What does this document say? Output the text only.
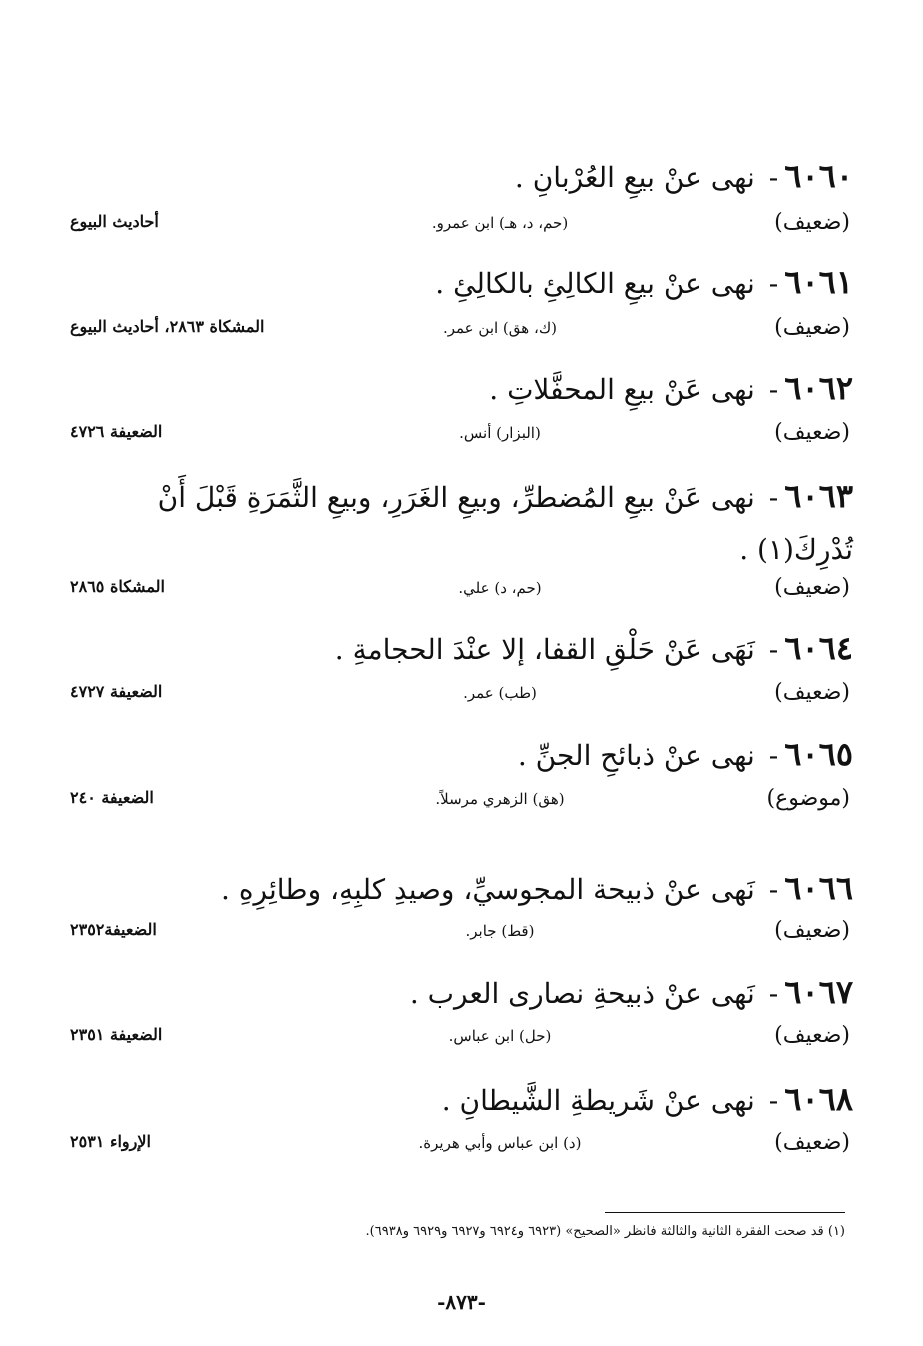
٦٠٦٠-نهى عنْ بيعِ العُرْبانِ .
(ضعيف)
(حم، د، هـ) ابن عمرو.
أحاديث البيوع
٦٠٦١-نهى عنْ بيعِ الكالِئِ بالكالِئِ .
(ضعيف)
(ك، هق) ابن عمر.
المشكاة ٢٨٦٣، أحاديث البيوع
٦٠٦٢-نهى عَنْ بيعِ المحفَّلاتِ .
(ضعيف)
(البزار) أنس.
الضعيفة ٤٧٢٦
٦٠٦٣-نهى عَنْ بيعِ المُضطرِّ، وبيعِ الغَرَرِ، وبيعِ الثَّمَرَةِ قَبْلَ أَنْ تُدْرِكَ(١) .
(ضعيف)
(حم، د) علي.
المشكاة ٢٨٦٥
٦٠٦٤-نَهَى عَنْ حَلْقِ القفا، إلا عنْدَ الحجامةِ .
(ضعيف)
(طب) عمر.
الضعيفة ٤٧٢٧
٦٠٦٥-نهى عنْ ذبائحِ الجنِّ .
(موضوع)
(هق) الزهري مرسلاً.
الضعيفة ٢٤٠
٦٠٦٦-نَهى عنْ ذبيحة المجوسيِّ، وصيدِ كلبِهِ، وطائِرِهِ .
(ضعيف)
(قط) جابر.
الضعيفة٢٣٥٢
٦٠٦٧-نَهى عنْ ذبيحةِ نصارى العرب .
(ضعيف)
(حل) ابن عباس.
الضعيفة ٢٣٥١
٦٠٦٨-نهى عنْ شَريطةِ الشَّيطانِ .
(ضعيف)
(د) ابن عباس وأبي هريرة.
الإرواء ٢٥٣١
(١) قد صحت الفقرة الثانية والثالثة فانظر «الصحيح» (٦٩٢٣ و٦٩٢٤ و٦٩٢٧ و٦٩٢٩ و٦٩٣٨).
-٨٧٣-
